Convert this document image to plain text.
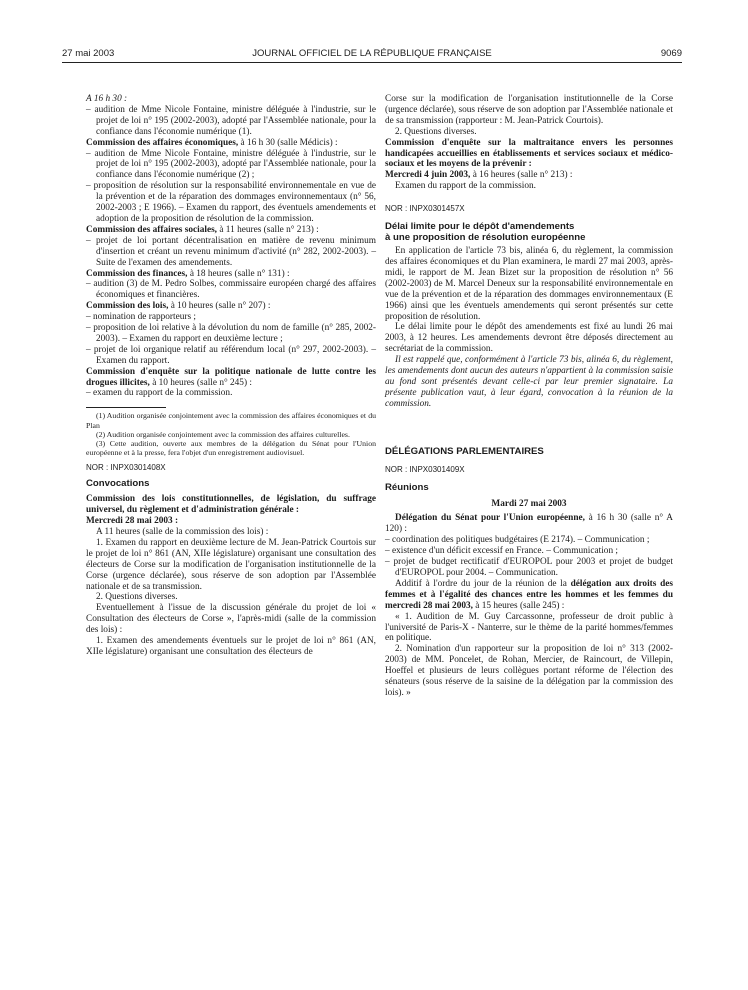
27 mai 2003	JOURNAL OFFICIEL DE LA RÉPUBLIQUE FRANÇAISE	9069

A 16 h 30 :

– audition de Mme Nicole Fontaine, ministre déléguée à l'industrie, sur le projet de loi n° 195 (2002-2003), adopté par l'Assemblée nationale, pour la confiance dans l'économie numérique (1).

Commission des affaires économiques, à 16 h 30 (salle Médicis) :

– audition de Mme Nicole Fontaine, ministre déléguée à l'industrie, sur le projet de loi n° 195 (2002-2003), adopté par l'Assemblée nationale, pour la confiance dans l'économie numérique (2) ;

– proposition de résolution sur la responsabilité environnementale en vue de la prévention et de la réparation des dommages environnementaux (n° 56, 2002-2003 ; E 1966). – Examen du rapport, des éventuels amendements et adoption de la proposition de résolution de la commission.

Commission des affaires sociales, à 11 heures (salle n° 213) :

– projet de loi portant décentralisation en matière de revenu minimum d'insertion et créant un revenu minimum d'activité (n° 282, 2002-2003). – Suite de l'examen des amendements.

Commission des finances, à 18 heures (salle n° 131) :

– audition (3) de M. Pedro Solbes, commissaire européen chargé des affaires économiques et financières.

Commission des lois, à 10 heures (salle n° 207) :

– nomination de rapporteurs ;

– proposition de loi relative à la dévolution du nom de famille (n° 285, 2002-2003). – Examen du rapport en deuxième lecture ;

– projet de loi organique relatif au référendum local (n° 297, 2002-2003). – Examen du rapport.

Commission d'enquête sur la politique nationale de lutte contre les drogues illicites, à 10 heures (salle n° 245) :

– examen du rapport de la commission.

(1) Audition organisée conjointement avec la commission des affaires économiques et du Plan

(2) Audition organisée conjointement avec la commission des affaires culturelles.

(3) Cette audition, ouverte aux membres de la délégation du Sénat pour l'Union européenne et à la presse, fera l'objet d'un enregistrement audiovisuel.

NOR : INPX0301408X

Convocations

Commission des lois constitutionnelles, de législation, du suffrage universel, du règlement et d'administration générale :

Mercredi 28 mai 2003 :

A 11 heures (salle de la commission des lois) :

1. Examen du rapport en deuxième lecture de M. Jean-Patrick Courtois sur le projet de loi n° 861 (AN, XIIe législature) organisant une consultation des électeurs de Corse sur la modification de l'organisation institutionnelle de la Corse (urgence déclarée), sous réserve de son adoption par l'Assemblée nationale et de sa transmission.

2. Questions diverses.

Eventuellement à l'issue de la discussion générale du projet de loi « Consultation des électeurs de Corse », l'après-midi (salle de la commission des lois) :

1. Examen des amendements éventuels sur le projet de loi n° 861 (AN, XIIe législature) organisant une consultation des électeurs de

Corse sur la modification de l'organisation institutionnelle de la Corse (urgence déclarée), sous réserve de son adoption par l'Assemblée nationale et de sa transmission (rapporteur : M. Jean-Patrick Courtois).

2. Questions diverses.

Commission d'enquête sur la maltraitance envers les personnes handicapées accueillies en établissements et services sociaux et médico-sociaux et les moyens de la prévenir :

Mercredi 4 juin 2003, à 16 heures (salle n° 213) :

Examen du rapport de la commission.

NOR : INPX0301457X

Délai limite pour le dépôt d'amendements

à une proposition de résolution européenne

En application de l'article 73 bis, alinéa 6, du règlement, la commission des affaires économiques et du Plan examinera, le mardi 27 mai 2003, après-midi, le rapport de M. Jean Bizet sur la proposition de résolution n° 56 (2002-2003) de M. Marcel Deneux sur la responsabilité environnementale en vue de la prévention et de la réparation des dommages environnementaux (E 1966) ainsi que les éventuels amendements qui seront présentés sur cette proposition de résolution.

Le délai limite pour le dépôt des amendements est fixé au lundi 26 mai 2003, à 12 heures. Les amendements devront être déposés directement au secrétariat de la commission.

Il est rappelé que, conformément à l'article 73 bis, alinéa 6, du règlement, les amendements dont aucun des auteurs n'appartient à la commission saisie au fond sont présentés devant celle-ci par leur premier signataire. La présente publication vaut, à leur égard, convocation à la réunion de la commission.

DÉLÉGATIONS PARLEMENTAIRES

NOR : INPX0301409X

Réunions

Mardi 27 mai 2003

Délégation du Sénat pour l'Union européenne, à 16 h 30 (salle n° A 120) :

– coordination des politiques budgétaires (E 2174). – Communication ;

– existence d'un déficit excessif en France. – Communication ;

– projet de budget rectificatif d'EUROPOL pour 2003 et projet de budget d'EUROPOL pour 2004. – Communication.

Additif à l'ordre du jour de la réunion de la délégation aux droits des femmes et à l'égalité des chances entre les hommes et les femmes du mercredi 28 mai 2003, à 15 heures (salle 245) :

« 1. Audition de M. Guy Carcassonne, professeur de droit public à l'université de Paris-X - Nanterre, sur le thème de la parité hommes/femmes en politique.

2. Nomination d'un rapporteur sur la proposition de loi n° 313 (2002-2003) de MM. Poncelet, de Rohan, Mercier, de Raincourt, de Villepin, Hoeffel et plusieurs de leurs collègues portant réforme de l'élection des sénateurs (sous réserve de la saisine de la délégation par la commission des lois). »
